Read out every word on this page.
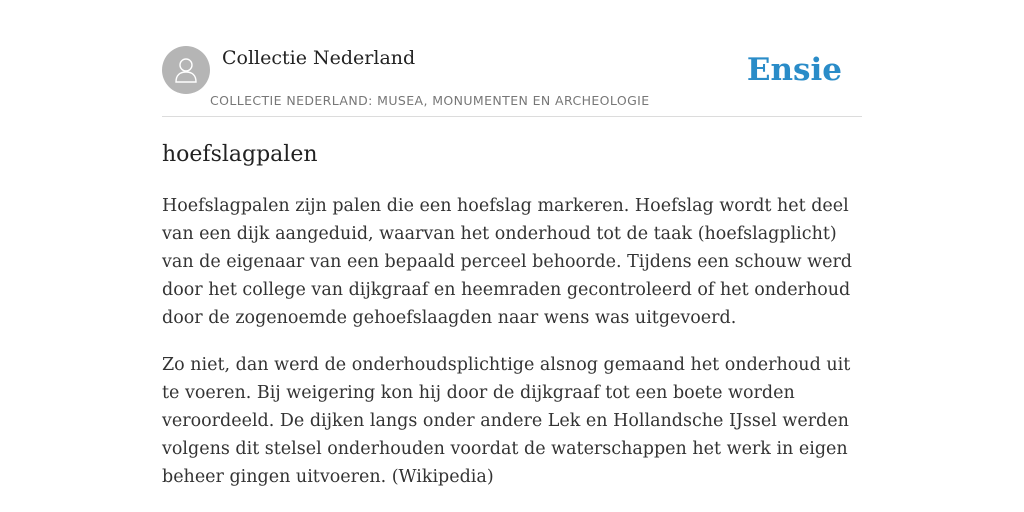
Collectie Nederland
COLLECTIE NEDERLAND: MUSEA, MONUMENTEN EN ARCHEOLOGIE
Ensie
hoefslagpalen

Hoefslagpalen zijn palen die een hoefslag markeren. Hoefslag wordt het deel van een dijk aangeduid, waarvan het onderhoud tot de taak (hoefslagplicht) van de eigenaar van een bepaald perceel behoorde. Tijdens een schouw werd door het college van dijkgraaf en heemraden gecontroleerd of het onderhoud door de zogenoemde gehoefslaagden naar wens was uitgevoerd.

Zo niet, dan werd de onderhoudsplichtige alsnog gemaand het onderhoud uit te voeren. Bij weigering kon hij door de dijkgraaf tot een boete worden veroordeeld. De dijken langs onder andere Lek en Hollandsche IJssel werden volgens dit stelsel onderhouden voordat de waterschappen het werk in eigen beheer gingen uitvoeren. (Wikipedia)
